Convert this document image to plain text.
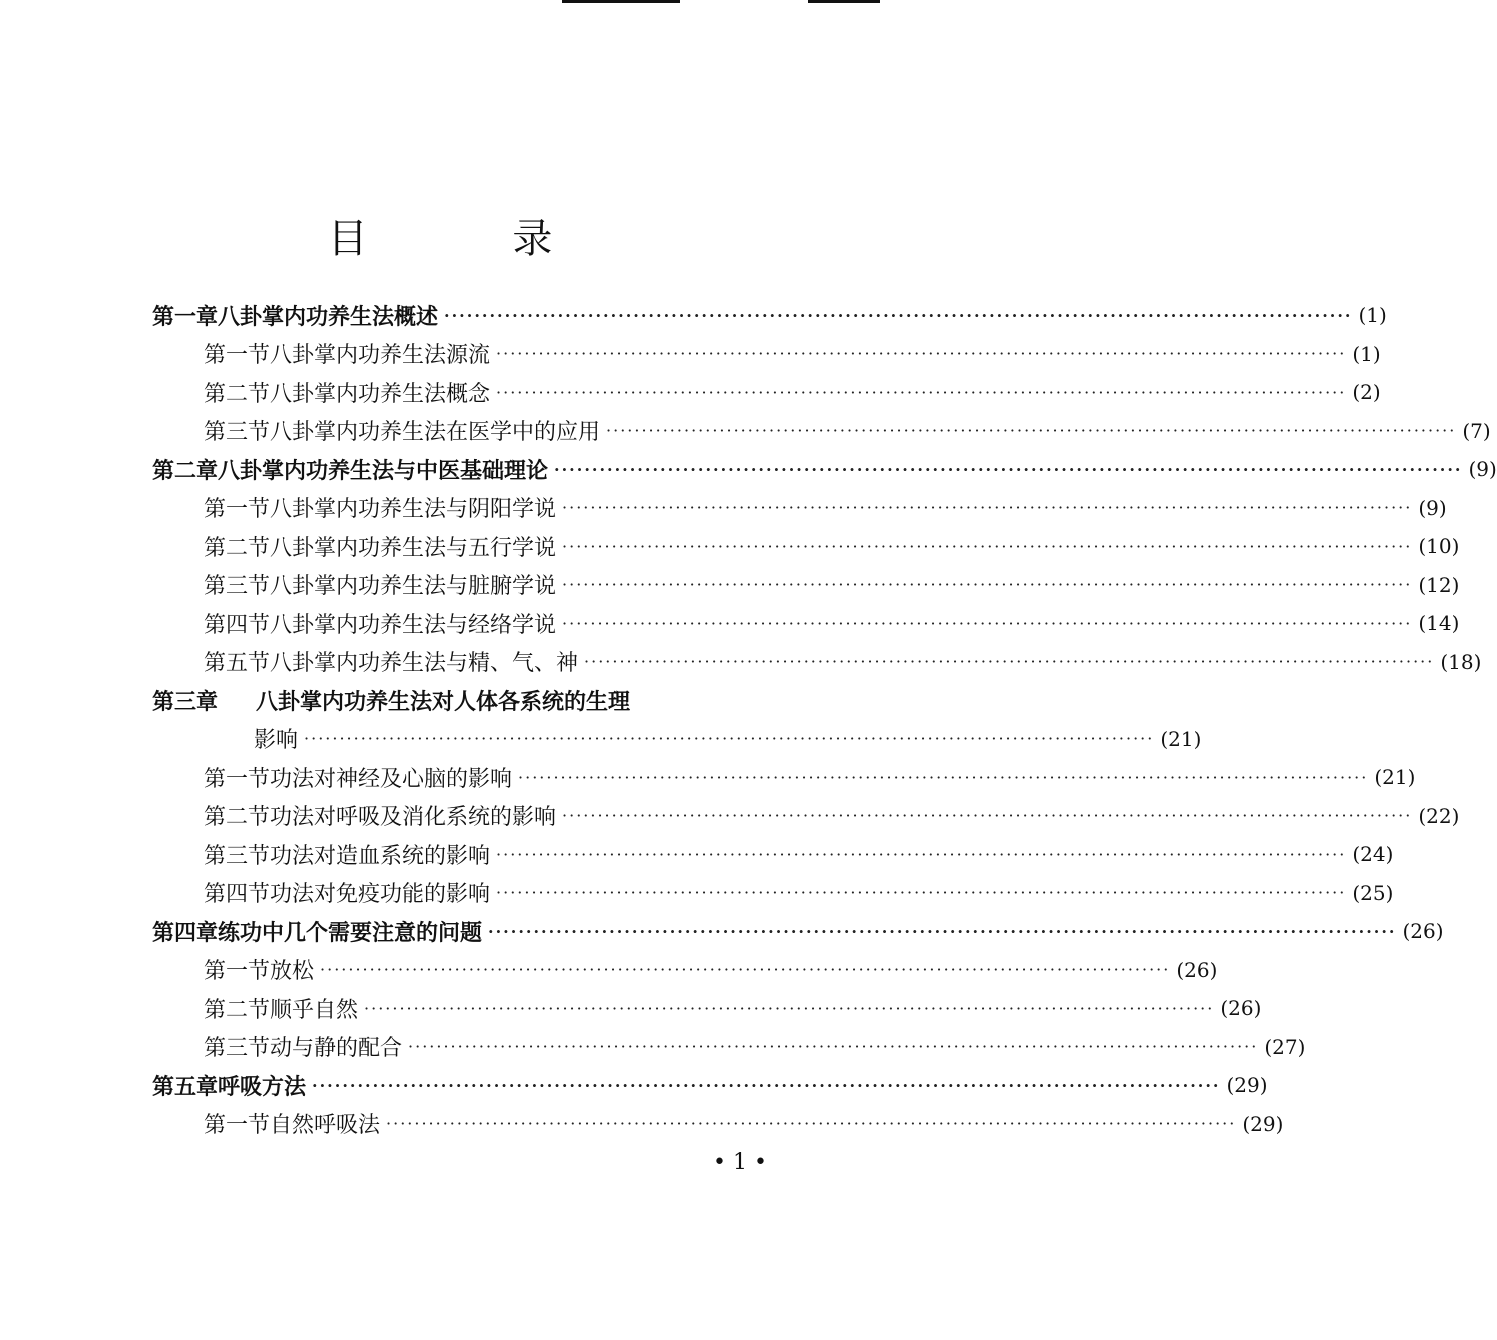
目 录
第一章 八卦掌内功养生法概述 ························································································································ (1)
第一节 八卦掌内功养生法源流 ························································································································ (1)
第二节 八卦掌内功养生法概念 ························································································································ (2)
第三节 八卦掌内功养生法在医学中的应用 ························································································································ (7)
第二章 八卦掌内功养生法与中医基础理论 ························································································································ (9)
第一节 八卦掌内功养生法与阴阳学说 ························································································································ (9)
第二节 八卦掌内功养生法与五行学说 ························································································································ (10)
第三节 八卦掌内功养生法与脏腑学说 ························································································································ (12)
第四节 八卦掌内功养生法与经络学说 ························································································································ (14)
第五节 八卦掌内功养生法与精、气、神 ························································································································ (18)
第三章	八卦掌内功养生法对人体各系统的生理
影响 ························································································································ (21)
第一节 功法对神经及心脑的影响 ························································································································ (21)
第二节 功法对呼吸及消化系统的影响 ························································································································ (22)
第三节 功法对造血系统的影响 ························································································································ (24)
第四节 功法对免疫功能的影响 ························································································································ (25)
第四章 练功中几个需要注意的问题 ························································································································ (26)
第一节 放松 ························································································································ (26)
第二节 顺乎自然 ························································································································ (26)
第三节 动与静的配合 ························································································································ (27)
第五章 呼吸方法 ························································································································ (29)
第一节 自然呼吸法 ························································································································ (29)
• 1 •
